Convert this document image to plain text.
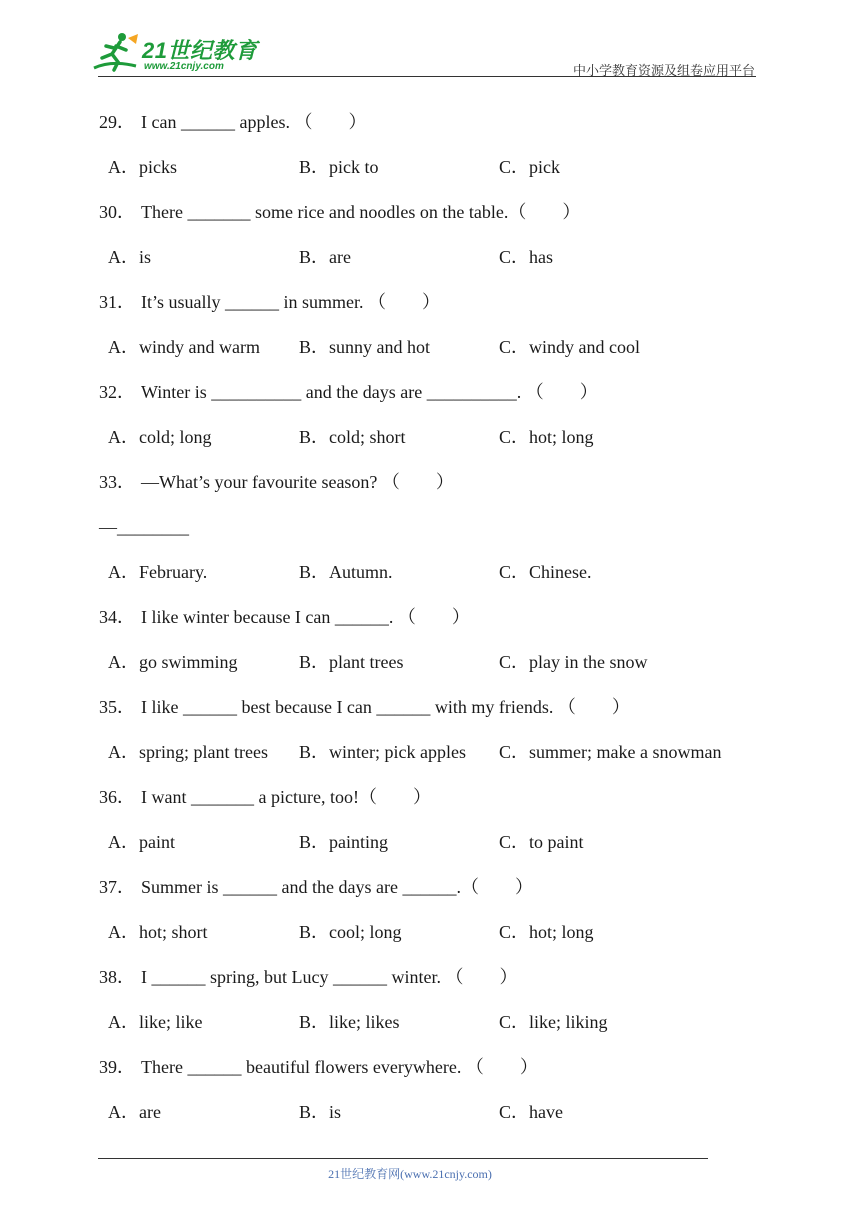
21世纪教育
www.21cnjy.com	中小学教育资源及组卷应用平台
29． I can ______ apples. （　　）
A．picks	B．pick to	C．pick
30． There _______ some rice and noodles on the table.（　　）
A．is	B．are	C．has
31． It’s usually ______ in summer. （　　）
A．windy and warm B．sunny and hot	C．windy and cool
32． Winter is __________ and the days are __________. （　　）
A．cold; long	B．cold; short	C．hot; long
33． —What’s your favourite season? （　　）
—________
A．February.	B．Autumn.	C．Chinese.
34． I like winter because I can ______. （　　）
A．go swimming	B．plant trees	C．play in the snow
35． I like ______ best because I can ______ with my friends. （　　）
A．spring; plant trees B．winter; pick apples C．summer; make a snowman
36． I want _______ a picture, too!（　　）
A．paint	B．painting	C．to paint
37． Summer is ______ and the days are ______.（　　）
A．hot; short	B．cool; long	C．hot; long
38． I ______ spring, but Lucy ______ winter. （　　）
A．like; like	B．like; likes	C．like; liking
39． There ______ beautiful flowers everywhere. （　　）
A．are	B．is	C．have
21世纪教育网(www.21cnjy.com)
